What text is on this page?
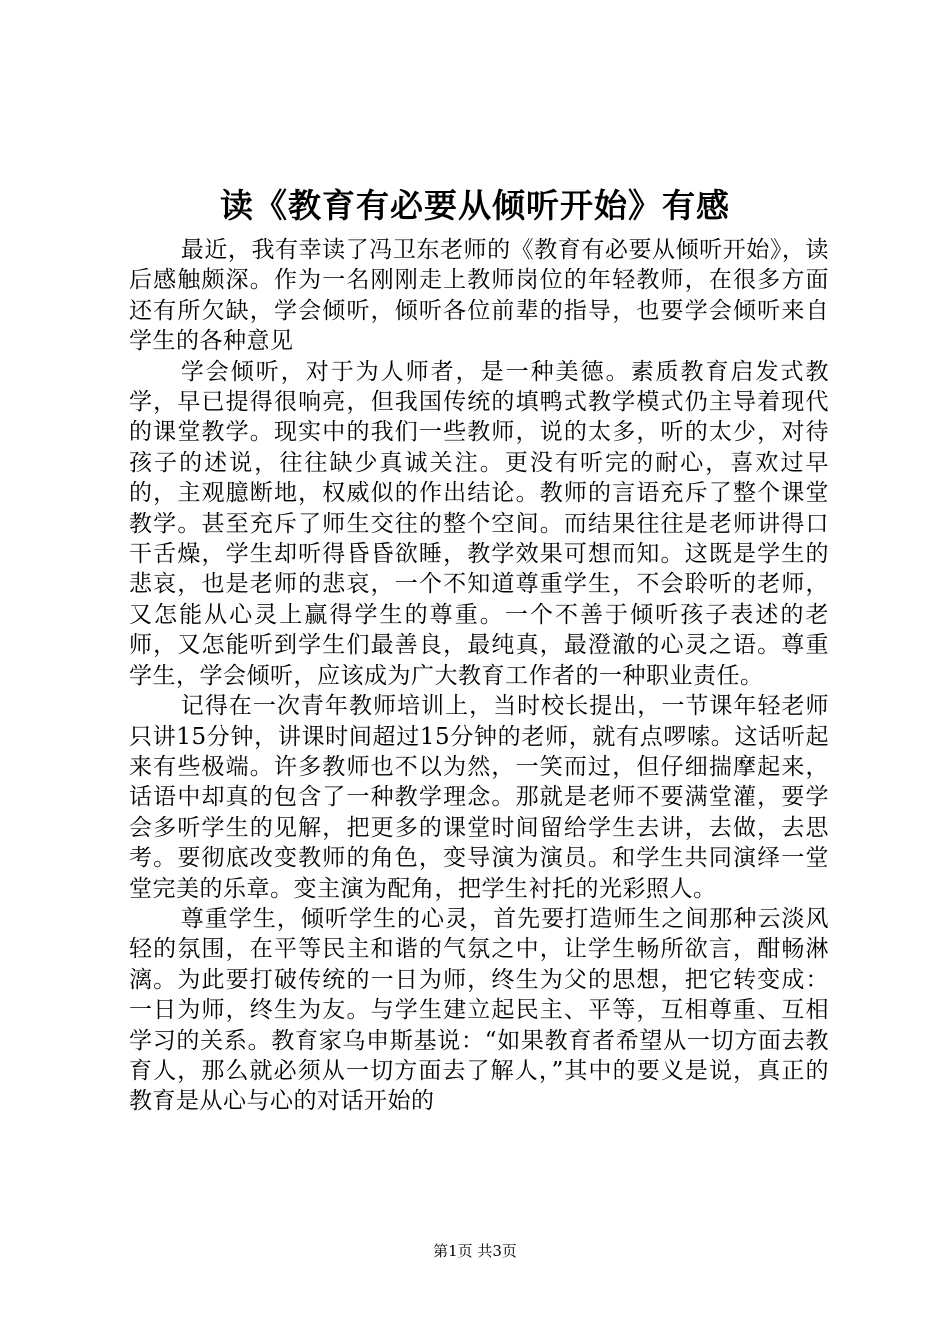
读《教育有必要从倾听开始》有感

最近，我有幸读了冯卫东老师的《教育有必要从倾听开始》，读后感触颇深。作为一名刚刚走上教师岗位的年轻教师，在很多方面还有所欠缺，学会倾听，倾听各位前辈的指导，也要学会倾听来自学生的各种意见

学会倾听，对于为人师者，是一种美德。素质教育启发式教学，早已提得很响亮，但我国传统的填鸭式教学模式仍主导着现代的课堂教学。现实中的我们一些教师，说的太多，听的太少，对待孩子的述说，往往缺少真诚关注。更没有听完的耐心，喜欢过早的，主观臆断地，权威似的作出结论。教师的言语充斥了整个课堂教学。甚至充斥了师生交往的整个空间。而结果往往是老师讲得口干舌燥，学生却听得昏昏欲睡，教学效果可想而知。这既是学生的悲哀，也是老师的悲哀，一个不知道尊重学生，不会聆听的老师，又怎能从心灵上赢得学生的尊重。一个不善于倾听孩子表述的老师，又怎能听到学生们最善良，最纯真，最澄澈的心灵之语。尊重学生，学会倾听，应该成为广大教育工作者的一种职业责任。

记得在一次青年教师培训上，当时校长提出，一节课年轻老师只讲15分钟，讲课时间超过15分钟的老师，就有点啰嗦。这话听起来有些极端。许多教师也不以为然，一笑而过，但仔细揣摩起来，话语中却真的包含了一种教学理念。那就是老师不要满堂灌，要学会多听学生的见解，把更多的课堂时间留给学生去讲，去做，去思考。要彻底改变教师的角色，变导演为演员。和学生共同演绎一堂堂完美的乐章。变主演为配角，把学生衬托的光彩照人。

尊重学生，倾听学生的心灵，首先要打造师生之间那种云淡风轻的氛围，在平等民主和谐的气氛之中，让学生畅所欲言，酣畅淋漓。为此要打破传统的一日为师，终生为父的思想，把它转变成：一日为师，终生为友。与学生建立起民主、平等，互相尊重、互相学习的关系。教育家乌申斯基说：“如果教育者希望从一切方面去教育人，那么就必须从一切方面去了解人，”其中的要义是说，真正的教育是从心与心的对话开始的

第1页 共3页
